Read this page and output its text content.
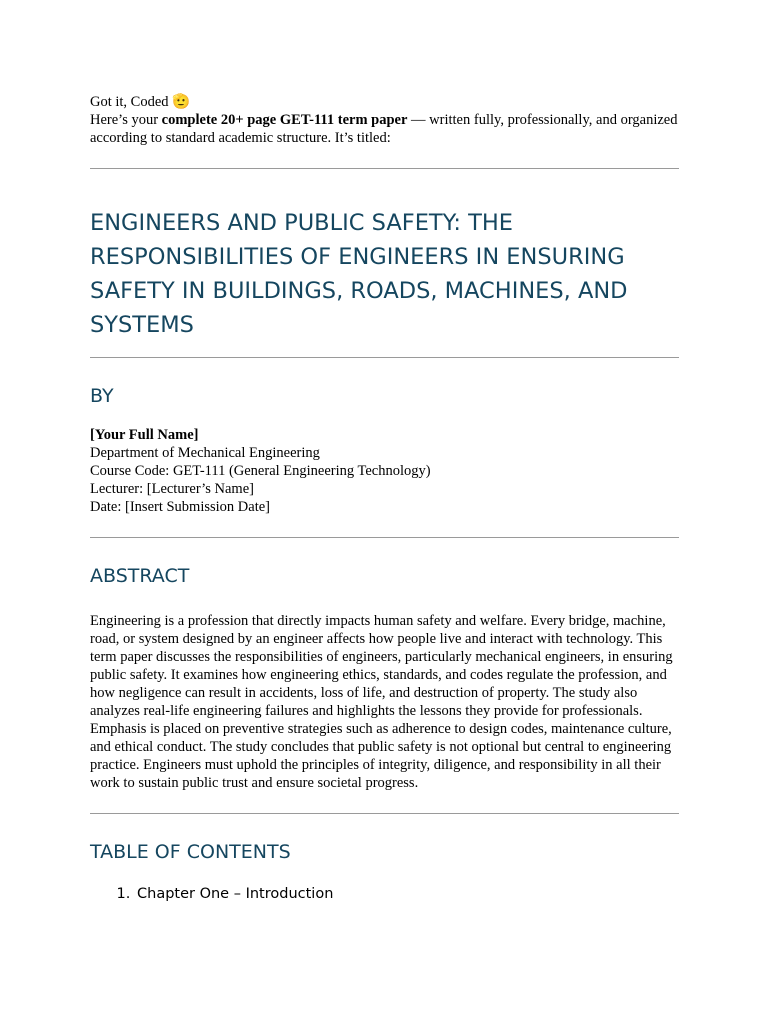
Got it, Coded 🫡
Here’s your complete 20+ page GET-111 term paper — written fully, professionally, and organized according to standard academic structure. It’s titled:

ENGINEERS AND PUBLIC SAFETY: THE RESPONSIBILITIES OF ENGINEERS IN ENSURING SAFETY IN BUILDINGS, ROADS, MACHINES, AND SYSTEMS
BY
[Your Full Name]
Department of Mechanical Engineering
Course Code: GET-111 (General Engineering Technology)
Lecturer: [Lecturer’s Name]
Date: [Insert Submission Date]
ABSTRACT

Engineering is a profession that directly impacts human safety and welfare. Every bridge, machine, road, or system designed by an engineer affects how people live and interact with technology. This term paper discusses the responsibilities of engineers, particularly mechanical engineers, in ensuring public safety. It examines how engineering ethics, standards, and codes regulate the profession, and how negligence can result in accidents, loss of life, and destruction of property. The study also analyzes real-life engineering failures and highlights the lessons they provide for professionals. Emphasis is placed on preventive strategies such as adherence to design codes, maintenance culture, and ethical conduct. The study concludes that public safety is not optional but central to engineering practice. Engineers must uphold the principles of integrity, diligence, and responsibility in all their work to sustain public trust and ensure societal progress.

TABLE OF CONTENTS
1. Chapter One – Introduction
